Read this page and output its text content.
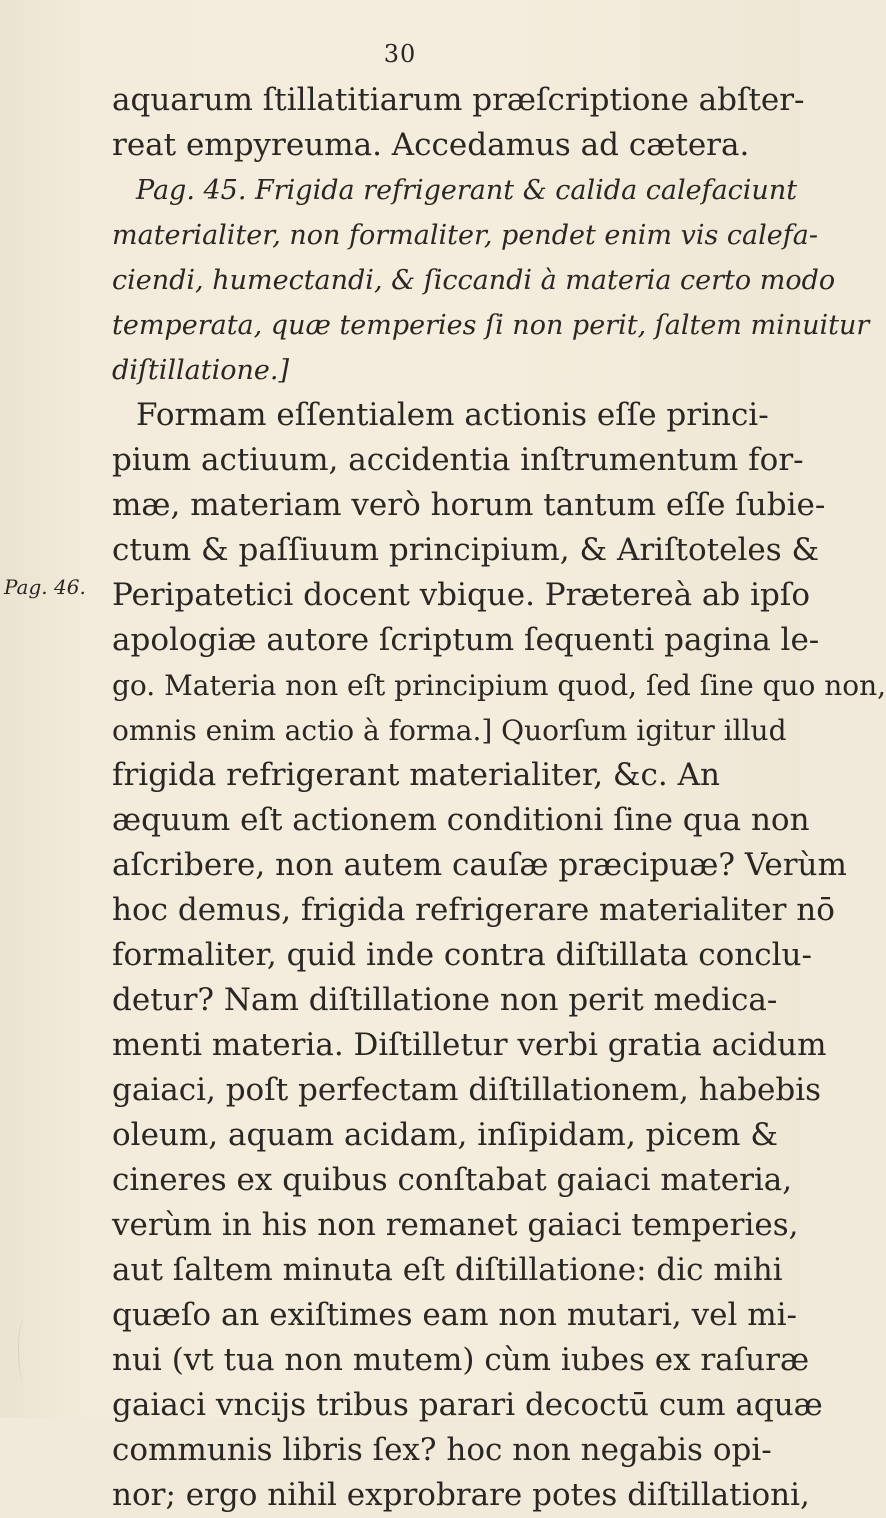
30
Pag. 46.
aquarum ſtillatitiarum præſcriptione abſter-
reat empyreuma. Accedamus ad cætera.
Pag. 45. Frigida refrigerant & calida calefaciunt
materialiter, non formaliter, pendet enim vis calefa-
ciendi, humectandi, & ſiccandi à materia certo modo
temperata, quæ temperies ſi non perit, ſaltem minuitur
diſtillatione.]
Formam eſſentialem actionis eſſe princi-
pium actiuum, accidentia inſtrumentum for-
mæ, materiam verò horum tantum eſſe ſubie-
ctum & paſſiuum principium, & Ariſtoteles &
Peripatetici docent vbique. Prætereà ab ipſo
apologiæ autore ſcriptum ſequenti pagina le-
go. Materia non eſt principium quod, ſed ſine quo non,
omnis enim actio à forma.] Quorſum igitur illud
frigida refrigerant materialiter, &c. An
æquum eſt actionem conditioni ſine qua non
aſcribere, non autem cauſæ præcipuæ? Verùm
hoc demus, frigida refrigerare materialiter nō
formaliter, quid inde contra diſtillata conclu-
detur? Nam diſtillatione non perit medica-
menti materia. Diſtilletur verbi gratia acidum
gaiaci, poſt perfectam diſtillationem, habebis
oleum, aquam acidam, inſipidam, picem &
cineres ex quibus conſtabat gaiaci materia,
verùm in his non remanet gaiaci temperies,
aut ſaltem minuta eſt diſtillatione: dic mihi
quæſo an exiſtimes eam non mutari, vel mi-
nui (vt tua non mutem) cùm iubes ex raſuræ
gaiaci vncijs tribus parari decoctū cum aquæ
communis libris ſex? hoc non negabis opi-
nor; ergo nihil exprobrare potes diſtillationi,
